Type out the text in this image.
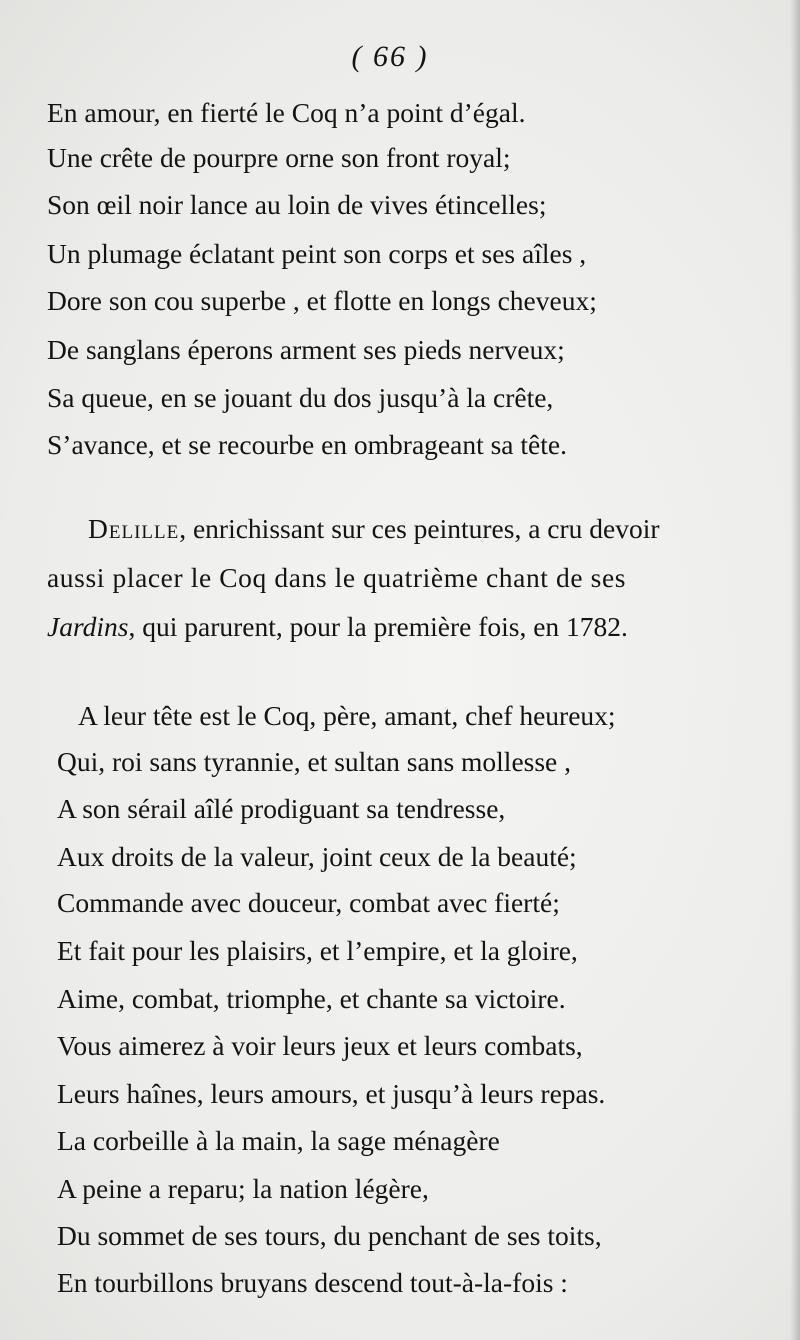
( 66 )
En amour, en fierté le Coq n’a point d’égal.
Une crête de pourpre orne son front royal;
Son œil noir lance au loin de vives étincelles;
Un plumage éclatant peint son corps et ses aîles ,
Dore son cou superbe , et flotte en longs cheveux;
De sanglans éperons arment ses pieds nerveux;
Sa queue, en se jouant du dos jusqu’à la crête,
S’avance, et se recourbe en ombrageant sa tête.
Delille, enrichissant sur ces peintures, a cru devoir
aussi placer le Coq dans le quatrième chant de ses
Jardins, qui parurent, pour la première fois, en 1782.
A leur tête est le Coq, père, amant, chef heureux;
Qui, roi sans tyrannie, et sultan sans mollesse ,
A son sérail aîlé prodiguant sa tendresse,
Aux droits de la valeur, joint ceux de la beauté;
Commande avec douceur, combat avec fierté;
Et fait pour les plaisirs, et l’empire, et la gloire,
Aime, combat, triomphe, et chante sa victoire.
Vous aimerez à voir leurs jeux et leurs combats,
Leurs haînes, leurs amours, et jusqu’à leurs repas.
La corbeille à la main, la sage ménagère
A peine a reparu; la nation légère,
Du sommet de ses tours, du penchant de ses toits,
En tourbillons bruyans descend tout-à-la-fois :
